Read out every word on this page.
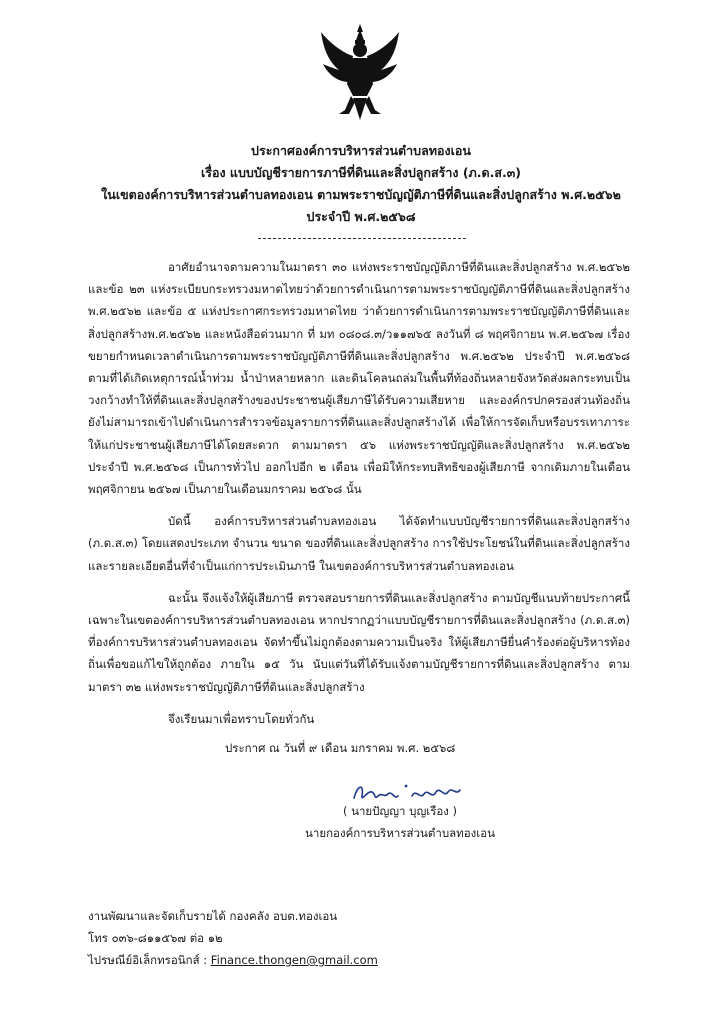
ประกาศองค์การบริหารส่วนตำบลทองเอน
เรื่อง แบบบัญชีรายการภาษีที่ดินและสิ่งปลูกสร้าง (ภ.ด.ส.๓)
ในเขตองค์การบริหารส่วนตำบลทองเอน ตามพระราชบัญญัติภาษีที่ดินและสิ่งปลูกสร้าง พ.ศ.๒๕๖๒
ประจำปี พ.ศ.๒๕๖๘

อาศัยอำนาจตามความในมาตรา ๓๐ แห่งพระราชบัญญัติภาษีที่ดินและสิ่งปลูกสร้าง พ.ศ.๒๕๖๒ และข้อ ๒๓ แห่งระเบียบกระทรวงมหาดไทยว่าด้วยการดำเนินการตามพระราชบัญญัติภาษีที่ดินและสิ่งปลูกสร้าง พ.ศ.๒๕๖๒ และข้อ ๕ แห่งประกาศกระทรวงมหาดไทย ว่าด้วยการดำเนินการตามพระราชบัญญัติภาษีที่ดินและสิ่งปลูกสร้างพ.ศ.๒๕๖๒ และหนังสือด่วนมาก ที่ มท ๐๘๐๘.๓/ว๑๑๗๖๕ ลงวันที่ ๘ พฤศจิกายน พ.ศ.๒๕๖๗ เรื่องขยายกำหนดเวลาดำเนินการตามพระราชบัญญัติภาษีที่ดินและสิ่งปลูกสร้าง พ.ศ.๒๕๖๒ ประจำปี พ.ศ.๒๕๖๘ ตามที่ได้เกิดเหตุการณ์น้ำท่วม น้ำป่าหลายหลาก และดินโคลนถล่มในพื้นที่ท้องถิ่นหลายจังหวัดส่งผลกระทบเป็นวงกว้างทำให้ที่ดินและสิ่งปลูกสร้างของประชาชนผู้เสียภาษีได้รับความเสียหาย และองค์กรปกครองส่วนท้องถิ่นยังไม่สามารถเข้าไปดำเนินการสำรวจข้อมูลรายการที่ดินและสิ่งปลูกสร้างได้ เพื่อให้การจัดเก็บหรือบรรเทาภาระให้แก่ประชาชนผู้เสียภาษีได้โดยสะดวก ตามมาตรา ๕๖ แห่งพระราชบัญญัติและสิ่งปลูกสร้าง พ.ศ.๒๕๖๒ ประจำปี พ.ศ.๒๕๖๘ เป็นการทั่วไป ออกไปอีก ๒ เดือน เพื่อมิให้กระทบสิทธิของผู้เสียภาษี จากเดิมภายในเดือนพฤศจิกายน ๒๕๖๗ เป็นภายในเดือนมกราคม ๒๕๖๘ นั้น

บัดนี้ องค์การบริหารส่วนตำบลทองเอน ได้จัดทำแบบบัญชีรายการที่ดินและสิ่งปลูกสร้าง (ภ.ด.ส.๓) โดยแสดงประเภท จำนวน ขนาด ของที่ดินและสิ่งปลูกสร้าง การใช้ประโยชน์ในที่ดินและสิ่งปลูกสร้างและรายละเอียดอื่นที่จำเป็นแก่การประเมินภาษี ในเขตองค์การบริหารส่วนตำบลทองเอน

ฉะนั้น จึงแจ้งให้ผู้เสียภาษี ตรวจสอบรายการที่ดินและสิ่งปลูกสร้าง ตามบัญชีแนบท้ายประกาศนี้ เฉพาะในเขตองค์การบริหารส่วนตำบลทองเอน หากปรากฏว่าแบบบัญชีรายการที่ดินและสิ่งปลูกสร้าง (ภ.ด.ส.๓) ที่องค์การบริหารส่วนตำบลทองเอน จัดทำขึ้นไม่ถูกต้องตามความเป็นจริง ให้ผู้เสียภาษียื่นคำร้องต่อผู้บริหารท้องถิ่นเพื่อขอแก้ไขให้ถูกต้อง ภายใน ๑๕ วัน นับแต่วันที่ได้รับแจ้งตามบัญชีรายการที่ดินและสิ่งปลูกสร้าง ตามมาตรา ๓๒ แห่งพระราชบัญญัติภาษีที่ดินและสิ่งปลูกสร้าง

จึงเรียนมาเพื่อทราบโดยทั่วกัน

ประกาศ ณ วันที่ ๙ เดือน มกราคม พ.ศ. ๒๕๖๘
( นายปัญญา บุญเรือง )
นายกองค์การบริหารส่วนตำบลทองเอน
งานพัฒนาและจัดเก็บรายได้ กองคลัง อบต.ทองเอน
โทร ๐๓๖-๘๑๑๕๖๗ ต่อ ๑๒
ไปรษณีย์อิเล็กทรอนิกส์ : Finance.thongen@gmail.com
